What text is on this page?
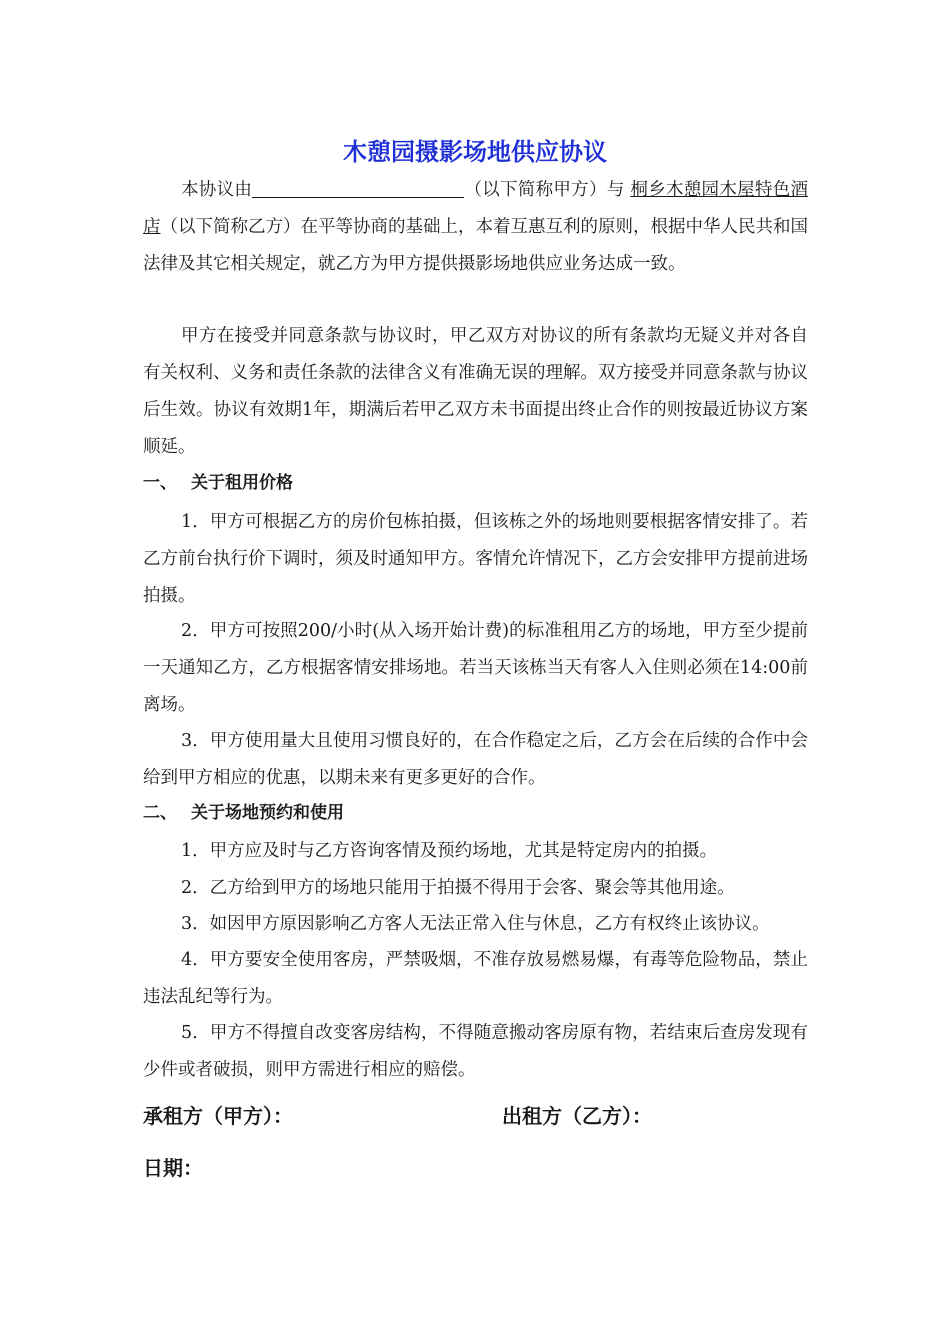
木憩园摄影场地供应协议

本协议由	（以下简称甲方）与 桐乡木憩园木屋特色酒店（以下简称乙方）在平等协商的基础上，本着互惠互利的原则，根据中华人民共和国法律及其它相关规定，就乙方为甲方提供摄影场地供应业务达成一致。

甲方在接受并同意条款与协议时，甲乙双方对协议的所有条款均无疑义并对各自有关权利、义务和责任条款的法律含义有准确无误的理解。双方接受并同意条款与协议后生效。协议有效期1年，期满后若甲乙双方未书面提出终止合作的则按最近协议方案顺延。

一、 关于租用价格

1．甲方可根据乙方的房价包栋拍摄，但该栋之外的场地则要根据客情安排了。若乙方前台执行价下调时，须及时通知甲方。客情允许情况下，乙方会安排甲方提前进场拍摄。

2．甲方可按照200/小时(从入场开始计费)的标准租用乙方的场地，甲方至少提前一天通知乙方，乙方根据客情安排场地。若当天该栋当天有客人入住则必须在14:00前离场。

3．甲方使用量大且使用习惯良好的，在合作稳定之后，乙方会在后续的合作中会给到甲方相应的优惠，以期未来有更多更好的合作。

二、 关于场地预约和使用

1．甲方应及时与乙方咨询客情及预约场地，尤其是特定房内的拍摄。

2．乙方给到甲方的场地只能用于拍摄不得用于会客、聚会等其他用途。

3．如因甲方原因影响乙方客人无法正常入住与休息，乙方有权终止该协议。

4．甲方要安全使用客房，严禁吸烟，不准存放易燃易爆，有毒等危险物品，禁止违法乱纪等行为。

5．甲方不得擅自改变客房结构，不得随意搬动客房原有物，若结束后查房发现有少件或者破损，则甲方需进行相应的赔偿。

承租方（甲方）：	出租方（乙方）：
日期：
